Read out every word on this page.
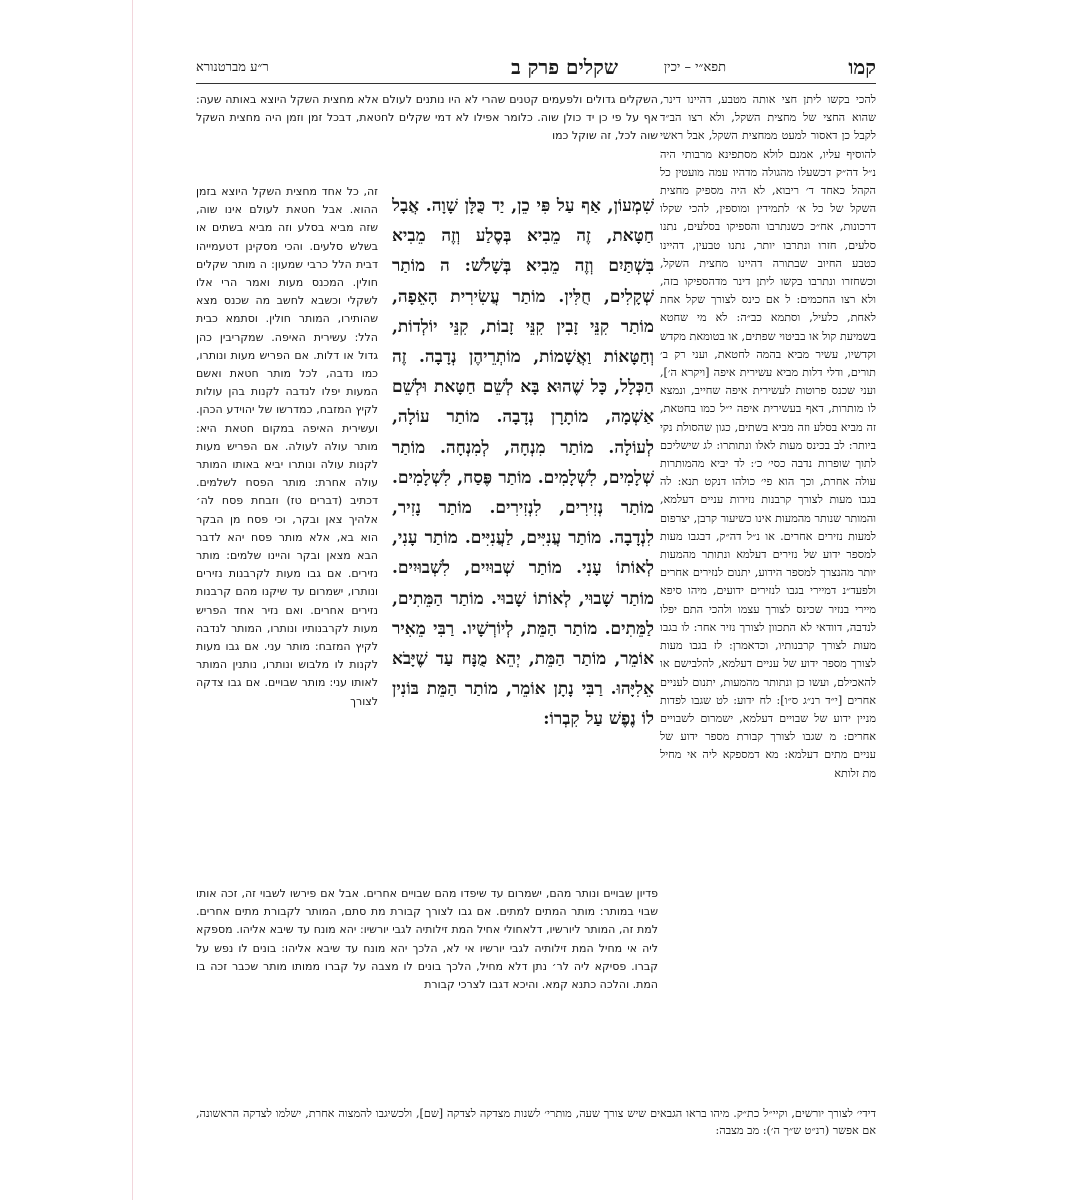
קמו
תפא״י – יכין
שקלים פרק ב
ר״ע מברטנורא

להכי בקשו ליתן חצי אותה מטבע, דהיינו דינר, שהוא החצי של מחצית השקל, ולא רצו הב״ד לקבל כן דאסור למעט ממחצית השקל, אבל ראשי להוסיף עליו, אמנם לולא מסתפינא מרבותי היה נ״ל דה״ק דכשעלו מהגולה מדהיו עמה מועטין כל הקהל כאחד ד׳ ריבוא, לא היה מספיק מחצית השקל של כל א׳ לתמידין ומוספין, להכי שקלו דרכונות, אח״כ כשנתרבו והספיקו בסלעים, נתנו סלעים, חזרו ונתרבו יותר, נתנו טבעין, דהיינו כטבע החיוב שבתורה דהיינו מחצית השקל, וכשחזרו ונתרבו בקשו ליתן דינר מדהספיקו בזה, ולא רצו החכמים: ל אם כינס לצורך שקל אחת לאחת, כלעיל, וסתמא כב״ה: לא מי שחטא בשמיעת קול או בביטוי שפתים, או בטומאת מקדש וקדשיו, עשיר מביא בהמה לחטאת, ועני רק ב׳ תורים, ודלי דלות מביא עשירית איפה [ויקרא ה׳], ועני שכנס פרוטות לעשירית איפה שחייב, ונמצא לו מותרות, דאף בעשירית איפה י״ל כמו בחטאת, זה מביא בסלע וזה מביא בשתים, כגון שהסולת נקי ביותר: לב בכינס מעות לאלו ונתותרו: לג שישליכם לתוך שופרות נדבה כסי׳ כ׳: לד יביא מהמותרות עולה אחרת, וכך הוא פי׳ כולהו דנקט תנא: לה בגבו מעות לצורך קרבנות נזירות עניים דעלמא, והמותר שנותר מהמעות אינו כשיעור קרבן, יצרפום למעות נזירים אחרים. או נ״ל דה״ק, דבגבו מעות למספר ידוע של נזירים דעלמא ונתותר מהמעות יותר מהנצרך למספר הידוע, יתנום לנזירים אחרים ולפעד״נ דמיירי בגבו לנזירים ידועים, מיהו סיפא מיירי בנזיר שכינס לצורך עצמו ולהכי התם יפלו לנדבה, דוודאי לא התכוון לצורך נזיר אחר: לו בגבו מעות לצורך קרבנותיו, וכדאמרן: לז בגבו מעות לצורך מספר ידוע של עניים דעלמא, להלבישם או להאכילם, ועשו כן ונתותר מהמעות, יתנום לעניים אחרים [י״ד רנ״ג ס״ו]: לח ידוע: לט שגבו לפדות מניין ידוע של שבויים דעלמא, ישמרום לשבויים אחרים: מ שגבו לצורך קבורת מספר ידוע של עניים מתים דעלמא: מא דמספקא ליה אי מחיל מת זלותא

השקלים גדולים ולפעמים קטנים שהרי לא היו נותנים לעולם אלא מחצית השקל היוצא באותה שעה: אף על פי כן יד כולן שוה. כלומר אפילו לא דמי שקלים לחטאת, דבכל זמן וזמן היה מחצית השקל שוה לכל, זה שוקל כמו

שִׁמְעוֹן, אַף עַל פִּי כֵן, יַד כֻּלָּן שָׁוָה. אֲבָל חַטָּאת, זֶה מֵבִיא בְּסֶלַע וְזֶה מֵבִיא בִּשְׁתַּיִם וְזֶה מֵבִיא בְּשָׁלֹשׁ: ה מוֹתַר שְׁקָלִים, חֻלִּין. מוֹתַר עֲשִׂירִית הָאֵפָה, מוֹתַר קִנֵּי זָבִין קִנֵּי זָבוֹת, קִנֵּי יוֹלְדוֹת, וְחַטָּאוֹת וַאֲשָׁמוֹת, מוֹתְרֵיהֶן נְדָבָה. זֶה הַכְּלָל, כָּל שֶׁהוּא בָּא לְשֵׁם חַטָּאת וּלְשֵׁם אַשְׁמָה, מוֹתָרָן נְדָבָה. מוֹתַר עוֹלָה, לְעוֹלָה. מוֹתַר מִנְחָה, לְמִנְחָה. מוֹתַר שְׁלָמִים, לִשְׁלָמִים. מוֹתַר פֶּסַח, לִשְׁלָמִים. מוֹתַר נְזִירִים, לִנְזִירִים. מוֹתַר נָזִיר, לִנְדָבָה. מוֹתַר עֲנִיִּים, לַעֲנִיִּים. מוֹתַר עָנִי, לְאוֹתוֹ עָנִי. מוֹתַר שְׁבוּיִים, לִשְׁבוּיִים. מוֹתַר שָׁבוּי, לְאוֹתוֹ שָׁבוּי. מוֹתַר הַמֵּתִים, לַמֵּתִים. מוֹתַר הַמֵּת, לְיוֹרְשָׁיו. רַבִּי מֵאִיר אוֹמֵר, מוֹתַר הַמֵּת, יְהֵא מֻנָּח עַד שֶׁיָּבֹא אֵלִיָּהוּ. רַבִּי נָתָן אוֹמֵר, מוֹתַר הַמֵּת בּוֹנִין לוֹ נֶפֶשׁ עַל קִבְרוֹ:

זה, כל אחד מחצית השקל היוצא בזמן ההוא. אבל חטאת לעולם אינו שוה, שזה מביא בסלע וזה מביא בשתים או בשלש סלעים. והכי מסקינן דטעמייהו דבית הלל כרבי שמעון: ה מותר שקלים חולין. המכנס מעות ואמר הרי אלו לשקלי וכשבא לחשב מה שכנס מצא שהותירו, המותר חולין. וסתמא כבית הלל: עשירית האיפה. שמקריבין כהן גדול או דלות. אם הפריש מעות ונותרו, כמו נדבה, לכל מותר חטאת ואשם המעות יפלו לנדבה לקנות בהן עולות לקיץ המזבח, כמדרשו של יהוידע הכהן. ועשירית האיפה במקום חטאת היא: מותר עולה לעולה. אם הפריש מעות לקנות עולה ונותרו יביא באותו המותר עולה אחרת: מותר הפסח לשלמים. דכתיב (דברים טז) וזבחת פסח לה׳ אלהיך צאן ובקר, וכי פסח מן הבקר הוא בא, אלא מותר פסח יהא לדבר הבא מצאן ובקר והיינו שלמים: מותר נזירים. אם גבו מעות לקרבנות נזירים ונותרו, ישמרום עד שיקנו מהם קרבנות נזירים אחרים. ואם נזיר אחד הפריש מעות לקרבנותיו ונותרו, המותר לנדבה לקיץ המזבח: מותר עני. אם גבו מעות לקנות לו מלבוש ונותרו, נותנין המותר לאותו עני: מותר שבויים. אם גבו צדקה לצורך

פדיון שבויים ונותר מהם, ישמרום עד שיפדו מהם שבויים אחרים. אבל אם פירשו לשבוי זה, זכה אותו שבוי במותר: מותר המתים למתים. אם גבו לצורך קבורת מת סתם, המותר לקבורת מתים אחרים. למת זה, המותר ליורשיו, דלאחולי אחיל המת זילותיה לגבי יורשיו: יהא מונח עד שיבא אליהו. מספקא ליה אי מחיל המת זילותיה לגבי יורשיו אי לא, הלכך יהא מונח עד שיבא אליהו: בונים לו נפש על קברו. פסיקא ליה לר׳ נתן דלא מחיל, הלכך בונים לו מצבה על קברו ממותו מותר שכבר זכה בו המת. והלכה כתנא קמא. והיכא דגבו לצרכי קבורת

דידי׳ לצורך יורשים, וקיי״ל כת״ק. מיהו בראו הגבאים שיש צורך שעה, מותרי׳ לשנות מצדקה לצדקה [שם], ולכשיגבו להמצוה אחרת, ישלמו לצדקה הראשונה, אם אפשר (רנ״ט ש״ך ה׳): מב מצבה:
